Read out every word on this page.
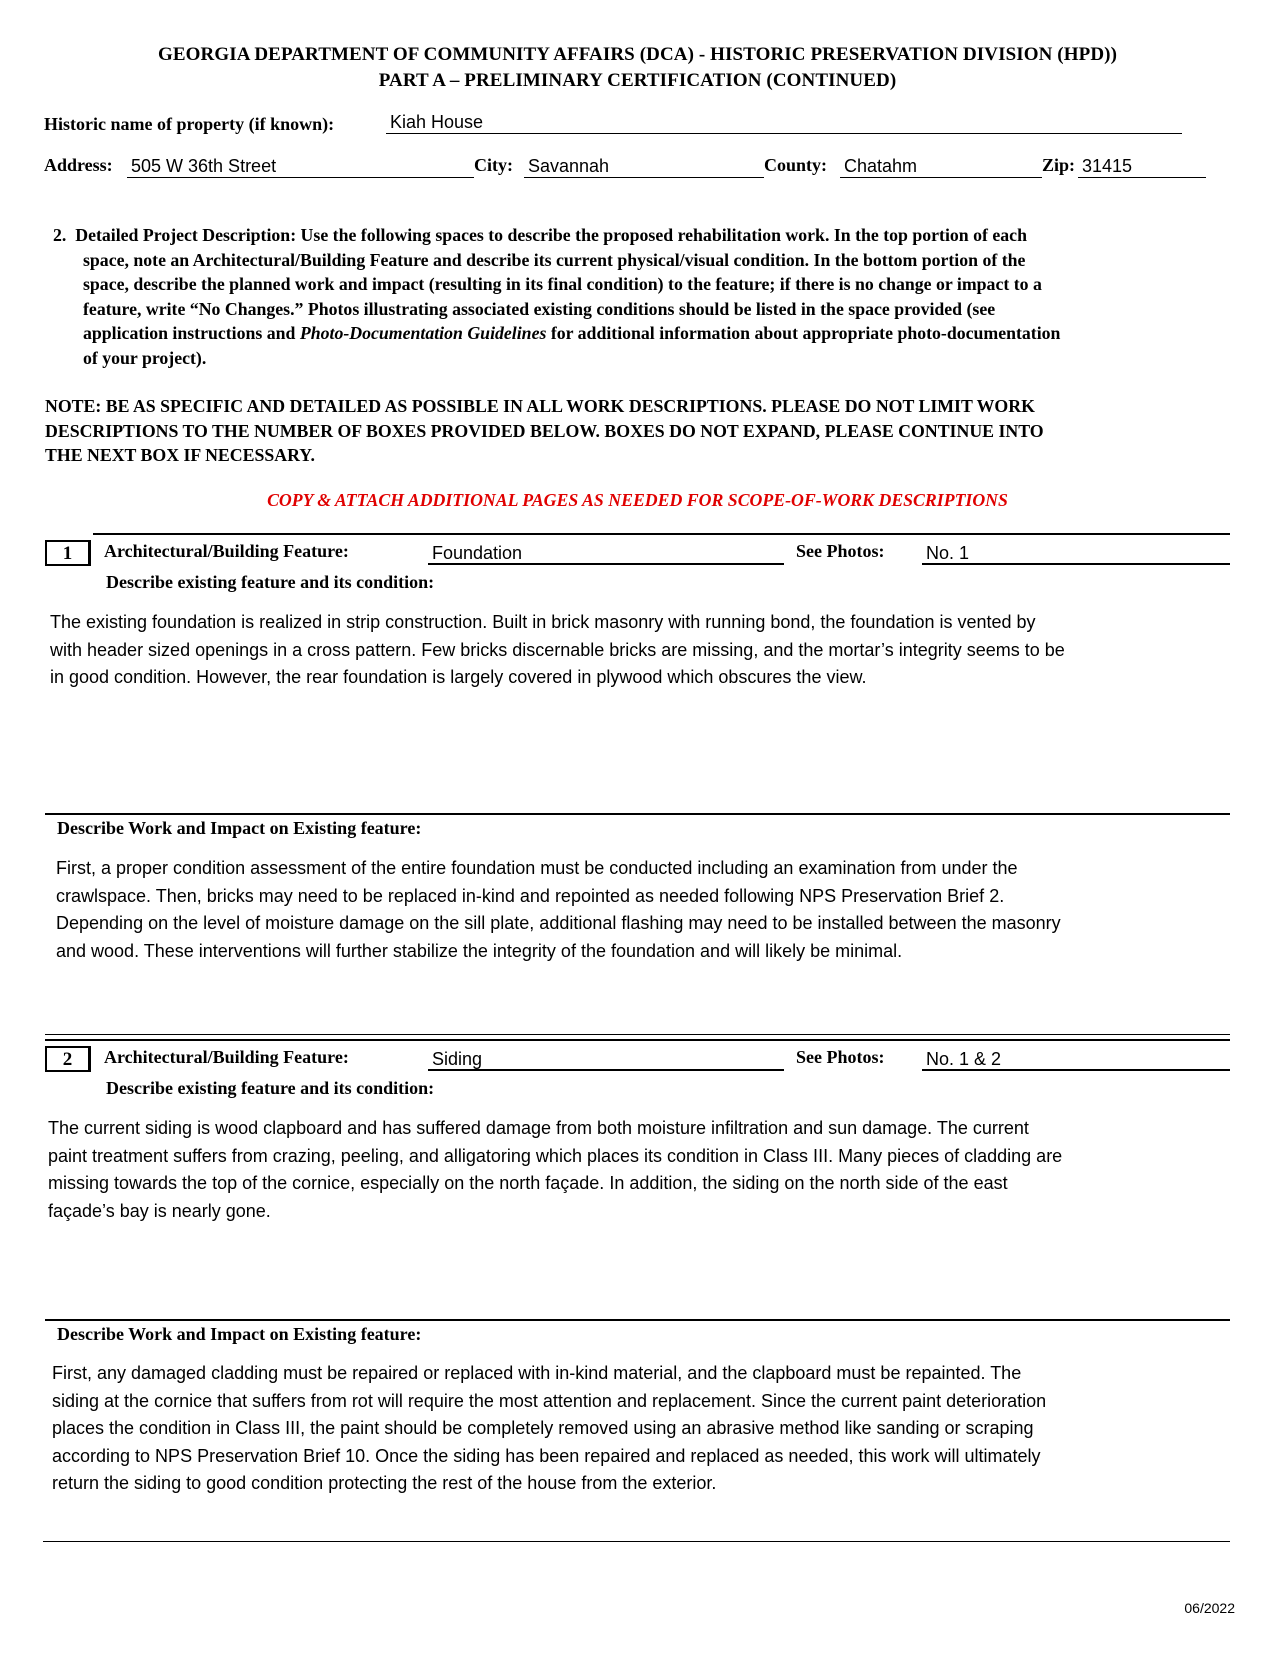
GEORGIA DEPARTMENT OF COMMUNITY AFFAIRS (DCA) - HISTORIC PRESERVATION DIVISION (HPD))
PART A – PRELIMINARY CERTIFICATION (CONTINUED)
Historic name of property (if known):	Kiah House
Address: 505 W 36th Street	City: Savannah	County: Chatahm	Zip: 31415
2. Detailed Project Description: Use the following spaces to describe the proposed rehabilitation work. In the top portion of each
space, note an Architectural/Building Feature and describe its current physical/visual condition. In the bottom portion of the
space, describe the planned work and impact (resulting in its final condition) to the feature; if there is no change or impact to a
feature, write “No Changes.” Photos illustrating associated existing conditions should be listed in the space provided (see
application instructions and Photo-Documentation Guidelines for additional information about appropriate photo-documentation
of your project).
NOTE: BE AS SPECIFIC AND DETAILED AS POSSIBLE IN ALL WORK DESCRIPTIONS. PLEASE DO NOT LIMIT WORK
DESCRIPTIONS TO THE NUMBER OF BOXES PROVIDED BELOW. BOXES DO NOT EXPAND, PLEASE CONTINUE INTO
THE NEXT BOX IF NECESSARY.
COPY & ATTACH ADDITIONAL PAGES AS NEEDED FOR SCOPE-OF-WORK DESCRIPTIONS
1	Architectural/Building Feature:	Foundation	See Photos: No. 1
Describe existing feature and its condition:
The existing foundation is realized in strip construction. Built in brick masonry with running bond, the foundation is vented by
with header sized openings in a cross pattern. Few bricks discernable bricks are missing, and the mortar’s integrity seems to be
in good condition. However, the rear foundation is largely covered in plywood which obscures the view.
Describe Work and Impact on Existing feature:
First, a proper condition assessment of the entire foundation must be conducted including an examination from under the
crawlspace. Then, bricks may need to be replaced in-kind and repointed as needed following NPS Preservation Brief 2.
Depending on the level of moisture damage on the sill plate, additional flashing may need to be installed between the masonry
and wood. These interventions will further stabilize the integrity of the foundation and will likely be minimal.
2	Architectural/Building Feature:	Siding	See Photos: No. 1 & 2
Describe existing feature and its condition:
The current siding is wood clapboard and has suffered damage from both moisture infiltration and sun damage. The current
paint treatment suffers from crazing, peeling, and alligatoring which places its condition in Class III. Many pieces of cladding are
missing towards the top of the cornice, especially on the north façade. In addition, the siding on the north side of the east
façade’s bay is nearly gone.
Describe Work and Impact on Existing feature:
First, any damaged cladding must be repaired or replaced with in-kind material, and the clapboard must be repainted. The
siding at the cornice that suffers from rot will require the most attention and replacement. Since the current paint deterioration
places the condition in Class III, the paint should be completely removed using an abrasive method like sanding or scraping
according to NPS Preservation Brief 10. Once the siding has been repaired and replaced as needed, this work will ultimately
return the siding to good condition protecting the rest of the house from the exterior.
06/2022
